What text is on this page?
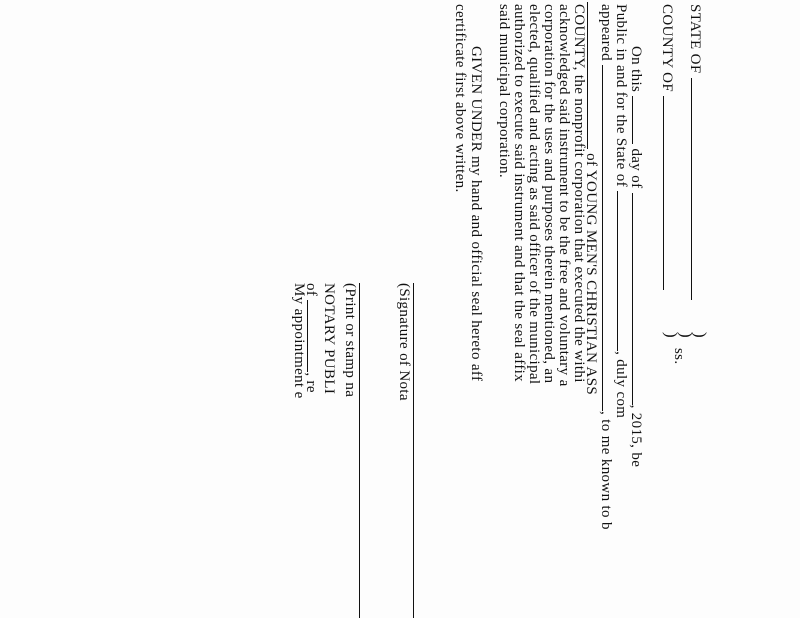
STATE OF
COUNTY OF
)
)
)
ss.
On this  day of , 2015, be
Public in and for the State of , duly com
appeared , to me known to b
of YOUNG MEN'S CHRISTIAN ASS
COUNTY, the nonprofit corporation that executed the withi
acknowledged said instrument to be the free and voluntary a
corporation for the uses and purposes therein mentioned, an
elected, qualified and acting as said officer of the municipal
authorized to execute said instrument and that the seal affix
said municipal corporation.
GIVEN UNDER my hand and official seal hereto aff
certificate first above written.
(Signature of Nota
(Print or stamp na
NOTARY PUBLI
of , re
My appointment e
